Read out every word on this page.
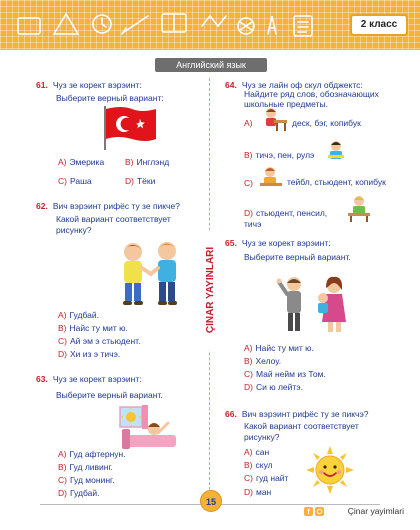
2 класс
Английский язык
ÇINAR YAYINLARI
61. Чуз зе корект вэрэинт:
Выберите верный вариант:
A) Эмерика B) Инглэнд
C) Раша	D) Тёки
62. Вич вэрэинт рифёс ту зе пикче?
Какой вариант соответствует рисунку?
A) Гудбай.
B) Найс ту мит ю.
C) Ай эм э стьюдент.
D) Хи из э тичэ.
63. Чуз зе корект вэрэинт:
Выберите верный вариант.
A) Гуд афтернун.
B) Гуд ливинг.
C) Гуд монинг.
D) Гудбай.
64. Чуз зе лайн оф скул обджектс:
Найдите ряд слов, обозначающих школьные предметы.
A)	деск, бэг, копибук
B) тичэ, пен, рулэ
C)	тейбл, стьюдент, копибук
D) стьюдент, пенсил, тичэ
65. Чуз зе корект вэрэинт:
Выберите верный вариант.
A) Найс ту мит ю.
B) Хелоу.
C) Май нейм из Том.
D) Си ю лейтэ.
66. Вич вэрэинт рифёс ту зе пикчэ?
Какой вариант соответствует рисунку?
A) сан
B) скул
C) гуд найт
D) ман
15
f	Çinar yayimlari
